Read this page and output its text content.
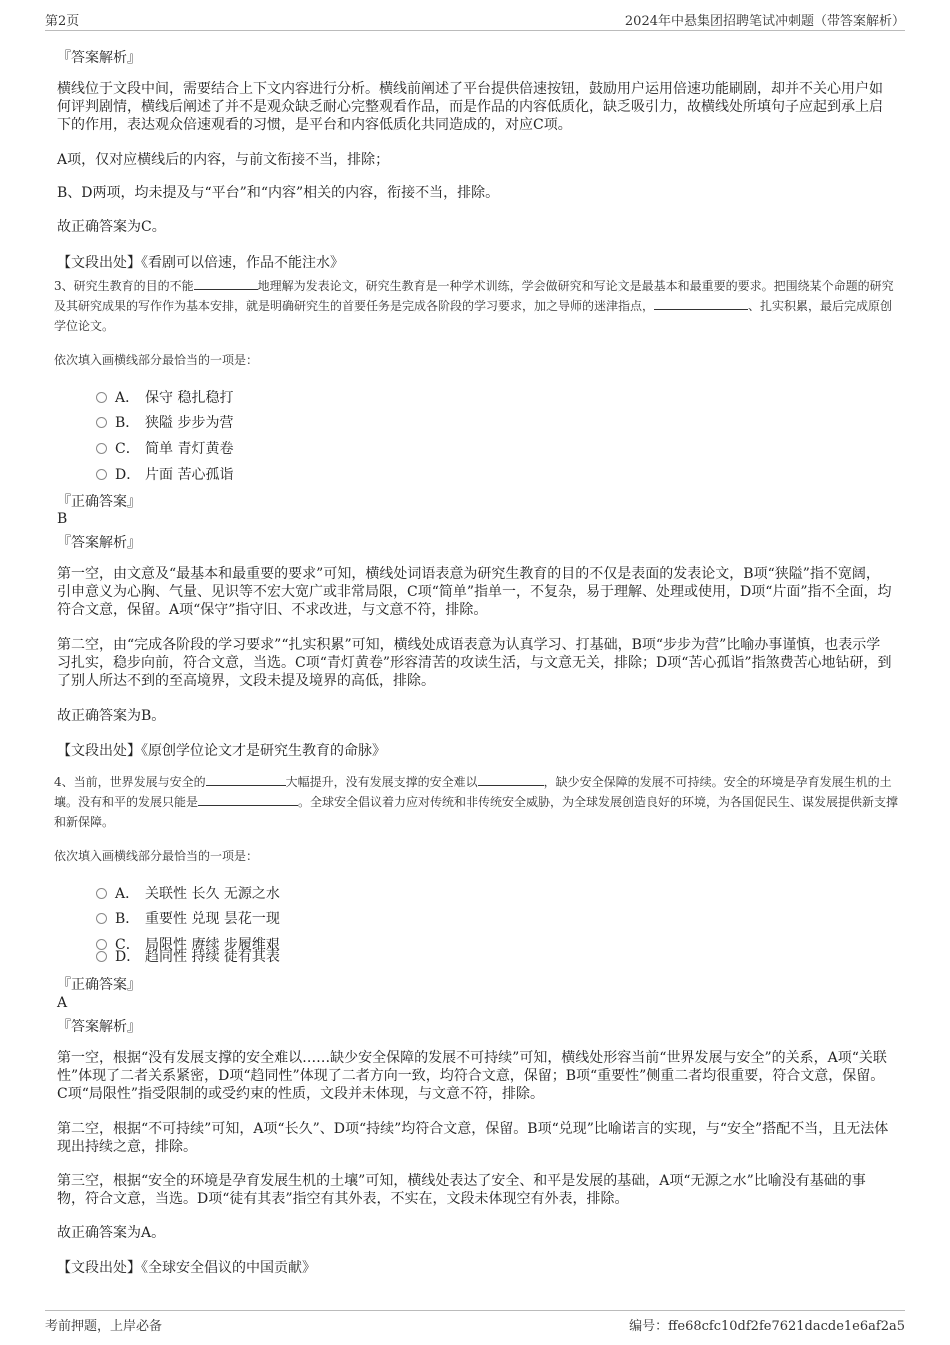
第2页	2024年中悬集团招聘笔试冲刺题（带答案解析）
『答案解析』
横线位于文段中间，需要结合上下文内容进行分析。横线前阐述了平台提供倍速按钮，鼓励用户运用倍速功能刷剧，却并不关心用户如何评判剧情，横线后阐述了并不是观众缺乏耐心完整观看作品，而是作品的内容低质化，缺乏吸引力，故横线处所填句子应起到承上启下的作用，表达观众倍速观看的习惯，是平台和内容低质化共同造成的，对应C项。
A项，仅对应横线后的内容，与前文衔接不当，排除；
B、D两项，均未提及与“平台”和“内容”相关的内容，衔接不当，排除。
故正确答案为C。
【文段出处】《看剧可以倍速，作品不能注水》
3、研究生教育的目的不能	地理解为发表论文，研究生教育是一种学术训练，学会做研究和写论文是最基本和最重要的要求。把围绕某个命题的研究及其研究成果的写作作为基本安排，就是明确研究生的首要任务是完成各阶段的学习要求，加之导师的迷津指点，	、扎实积累，最后完成原创学位论文。
依次填入画横线部分最恰当的一项是：
A． 保守 稳扎稳打
B． 狭隘 步步为营
C． 简单 青灯黄卷
D． 片面 苦心孤诣
『正确答案』
B
『答案解析』
第一空，由文意及“最基本和最重要的要求”可知，横线处词语表意为研究生教育的目的不仅是表面的发表论文，B项“狭隘”指不宽阔，引申意义为心胸、气量、见识等不宏大宽广或非常局限，C项“简单”指单一，不复杂，易于理解、处理或使用，D项“片面”指不全面，均符合文意，保留。A项“保守”指守旧、不求改进，与文意不符，排除。
第二空，由“完成各阶段的学习要求”“扎实积累”可知，横线处成语表意为认真学习、打基础，B项“步步为营”比喻办事谨慎，也表示学习扎实，稳步向前，符合文意，当选。C项“青灯黄卷”形容清苦的攻读生活，与文意无关，排除；D项“苦心孤诣”指煞费苦心地钻研，到了别人所达不到的至高境界，文段未提及境界的高低，排除。
故正确答案为B。
【文段出处】《原创学位论文才是研究生教育的命脉》
4、当前，世界发展与安全的	大幅提升，没有发展支撑的安全难以	，缺少安全保障的发展不可持续。安全的环境是孕育发展生机的土壤。没有和平的发展只能是	。全球安全倡议着力应对传统和非传统安全威胁，为全球发展创造良好的环境，为各国促民生、谋发展提供新支撑和新保障。
依次填入画横线部分最恰当的一项是：
A． 关联性 长久 无源之水
B． 重要性 兑现 昙花一现
C． 局限性 赓续 步履维艰
D． 趋同性 持续 徒有其表
『正确答案』
A
『答案解析』
第一空，根据“没有发展支撑的安全难以……缺少安全保障的发展不可持续”可知，横线处形容当前“世界发展与安全”的关系，A项“关联性”体现了二者关系紧密，D项“趋同性”体现了二者方向一致，均符合文意，保留；B项“重要性”侧重二者均很重要，符合文意，保留。C项“局限性”指受限制的或受约束的性质，文段并未体现，与文意不符，排除。
第二空，根据“不可持续”可知，A项“长久”、D项“持续”均符合文意，保留。B项“兑现”比喻诺言的实现，与“安全”搭配不当，且无法体现出持续之意，排除。
第三空，根据“安全的环境是孕育发展生机的土壤”可知，横线处表达了安全、和平是发展的基础，A项“无源之水”比喻没有基础的事物，符合文意，当选。D项“徒有其表”指空有其外表，不实在，文段未体现空有外表，排除。
故正确答案为A。
【文段出处】《全球安全倡议的中国贡献》
考前押题，上岸必备	编号：ffe68cfc10df2fe7621dacde1e6af2a5
